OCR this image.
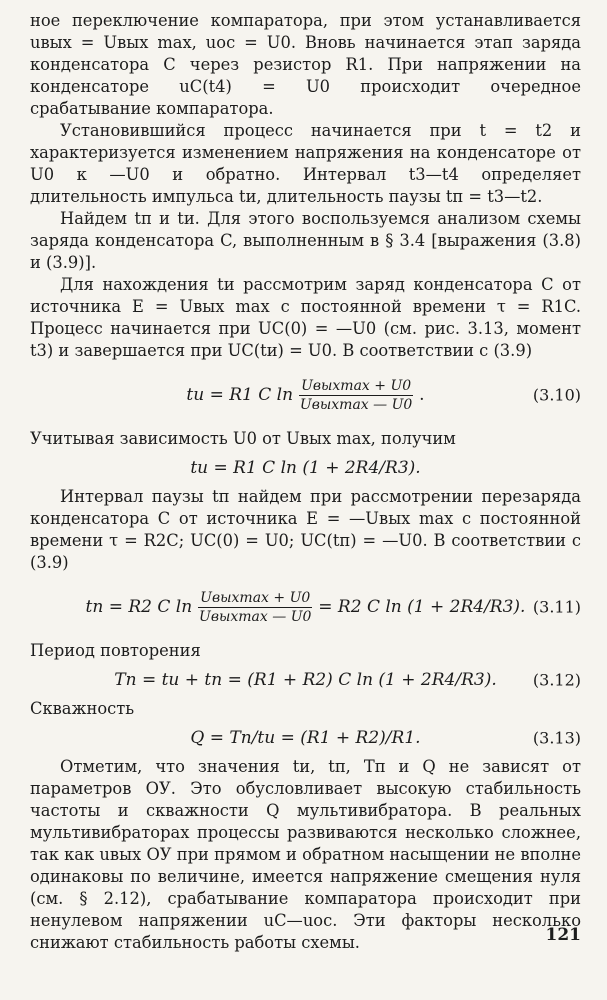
ное переключение компаратора, при этом устанавливается uвых = Uвых max, uос = U0. Вновь начинается этап заряда конденсатора C через резистор R1. При напряжении на конденсаторе uC(t4) = U0 происходит очередное срабатывание компаратора.

Установившийся процесс начинается при t = t2 и характеризуется изменением напряжения на конденсаторе от U0 к —U0 и обратно. Интервал t3—t4 определяет длительность импульса tи, длительность паузы tп = t3—t2.

Найдем tп и tи. Для этого воспользуемся анализом схемы заряда конденсатора C, выполненным в § 3.4 [выражения (3.8) и (3.9)].

Для нахождения tи рассмотрим заряд конденсатора C от источника E = Uвых max с постоянной времени τ = R1C. Процесс начинается при UC(0) = —U0 (см. рис. 3.13, момент t3) и завершается при UC(tи) = U0. В соответствии с (3.9)

tи = R1 C $\ln \frac{\text{Uвыхmax + U0}}{\text{Uвыхmax — U0}}$ .	(3.10)

Учитывая зависимость U0 от Uвых max, получим

tи = R1 C ln (1 + 2R4/R3).

Интервал паузы tп найдем при рассмотрении перезаряда конденсатора C от источника E = —Uвых max с постоянной времени τ = R2C; UC(0) = U0; UC(tп) = —U0. В соответствии с (3.9)

tп = R2 C $\ln \frac{\text{Uвыхmax + U0}}{\text{Uвыхmax — U0}} = R2$ C ln (1 + 2R4/R3). (3.11)

Период повторения

Tп = tи + tп = (R1 + R2) C ln (1 + 2R4/R3). (3.12)

Скважность

Q = Tп/tи = (R1 + R2)/R1.	(3.13)

Отметим, что значения tи, tп, Tп и Q не зависят от параметров ОУ. Это обусловливает высокую стабильность частоты и скважности Q мультивибратора. В реальных мультивибраторах процессы развиваются несколько сложнее, так как uвых ОУ при прямом и обратном насыщении не вполне одинаковы по величине, имеется напряжение смещения нуля (см. § 2.12), срабатывание компаратора происходит при ненулевом напряжении uC—uос. Эти факторы несколько снижают стабильность работы схемы.	121
